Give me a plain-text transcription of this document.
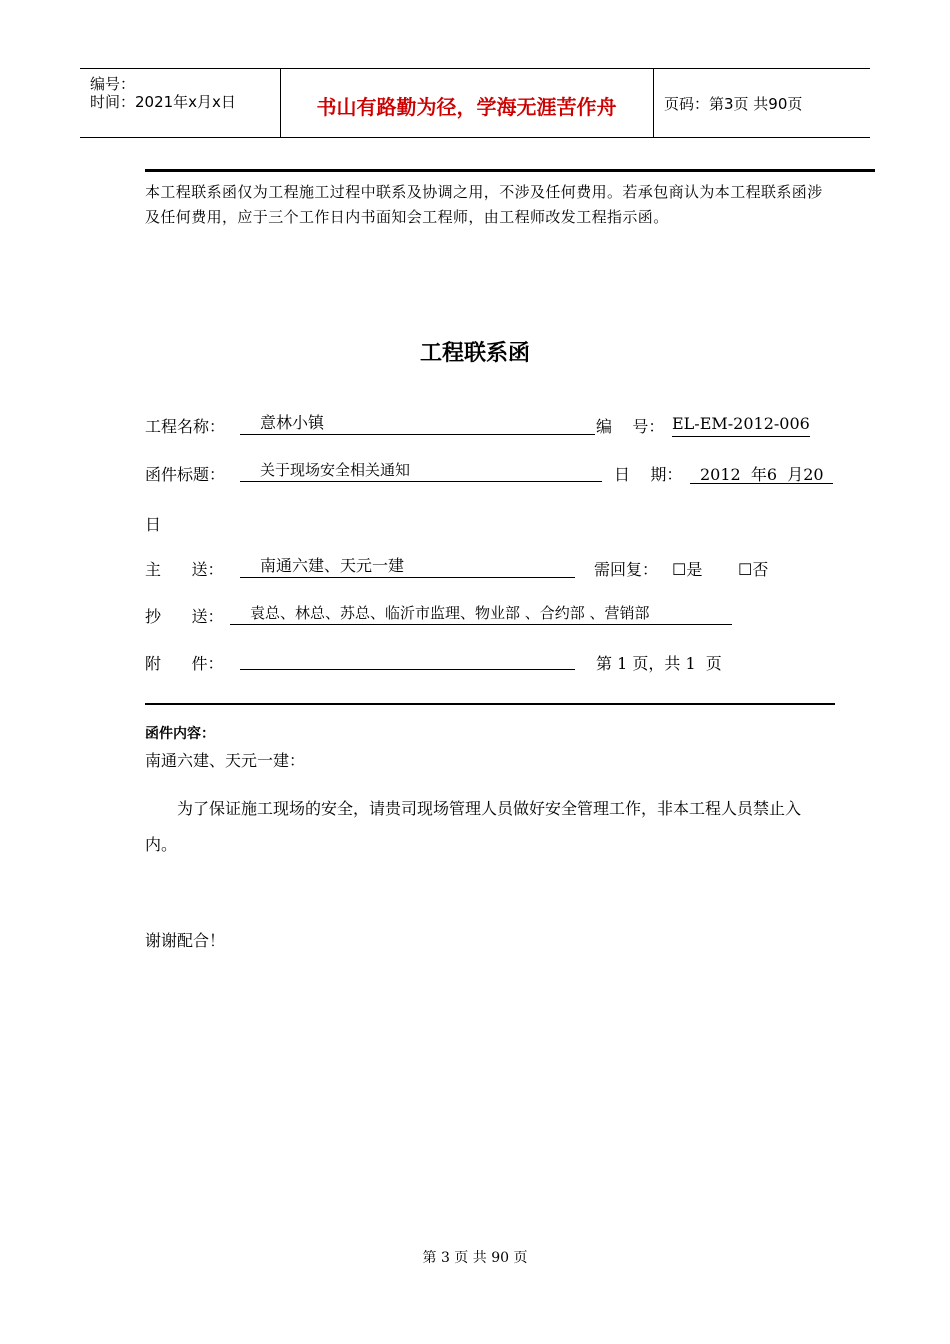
编号：
时间：2021年x月x日	书山有路勤为径，学海无涯苦作舟	页码：第3页 共90页
本工程联系函仅为工程施工过程中联系及协调之用，不涉及任何费用。若承包商认为本工程联系函涉及任何费用，应于三个工作日内书面知会工程师，由工程师改发工程指示函。
工程联系函
工程名称：	意林小镇	编    号： EL-EM-2012-006
函件标题：	关于现场安全相关通知	日    期：	2012  年6  月20
日
主      送：	南通六建、天元一建	需回复： ☐是 ☐否
抄      送：	袁总、林总、苏总、临沂市监理、物业部 、合约部 、营销部
附      件：	第 1 页，共 1  页
函件内容：
南通六建、天元一建：
为了保证施工现场的安全，请贵司现场管理人员做好安全管理工作，非本工程人员禁止入
内。
谢谢配合！
第 3 页 共 90 页
